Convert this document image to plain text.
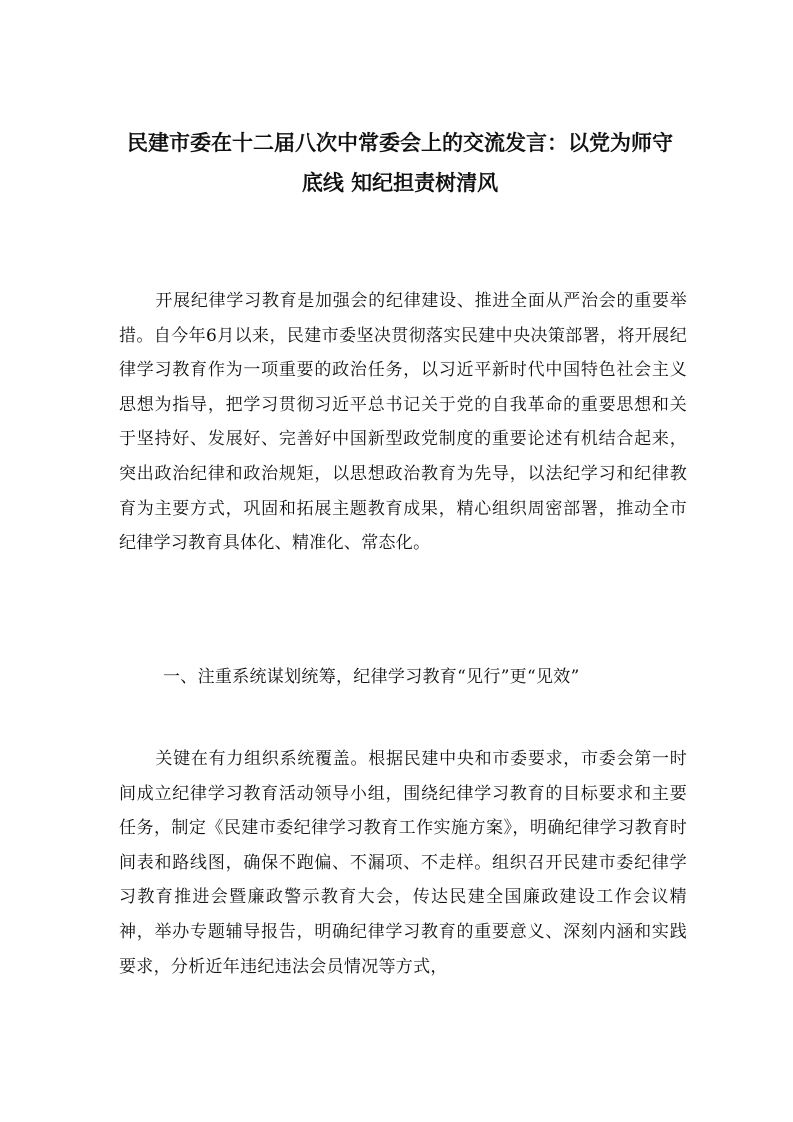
民建市委在十二届八次中常委会上的交流发言：以党为师守
底线 知纪担责树清风

开展纪律学习教育是加强会的纪律建设、推进全面从严治会的重要举措。自今年6月以来，民建市委坚决贯彻落实民建中央决策部署，将开展纪律学习教育作为一项重要的政治任务，以习近平新时代中国特色社会主义思想为指导，把学习贯彻习近平总书记关于党的自我革命的重要思想和关于坚持好、发展好、完善好中国新型政党制度的重要论述有机结合起来，突出政治纪律和政治规矩，以思想政治教育为先导，以法纪学习和纪律教育为主要方式，巩固和拓展主题教育成果，精心组织周密部署，推动全市纪律学习教育具体化、精准化、常态化。

一、注重系统谋划统筹，纪律学习教育“见行”更“见效”

关键在有力组织系统覆盖。根据民建中央和市委要求，市委会第一时间成立纪律学习教育活动领导小组，围绕纪律学习教育的目标要求和主要任务，制定《民建市委纪律学习教育工作实施方案》，明确纪律学习教育时间表和路线图，确保不跑偏、不漏项、不走样。组织召开民建市委纪律学习教育推进会暨廉政警示教育大会，传达民建全国廉政建设工作会议精神，举办专题辅导报告，明确纪律学习教育的重要意义、深刻内涵和实践要求，分析近年违纪违法会员情况等方式，
